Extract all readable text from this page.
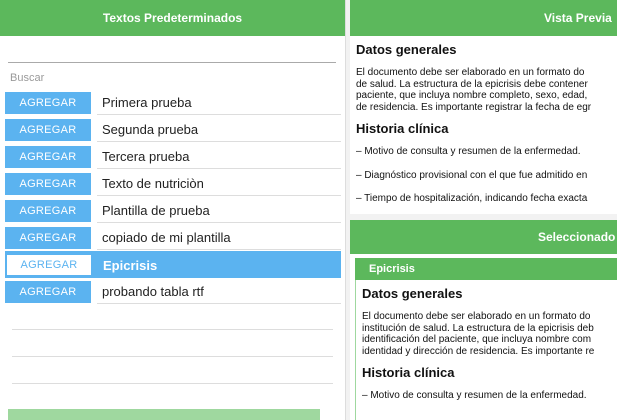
Textos Predeterminados
Buscar
AGREGAR	Primera prueba
AGREGAR	Segunda prueba
AGREGAR	Tercera prueba
AGREGAR	Texto de nutriciòn
AGREGAR	Plantilla de prueba
AGREGAR	copiado de mi plantilla
AGREGAR	Epicrisis
AGREGAR	probando tabla rtf
Vista Previa
Datos generales

El documento debe ser elaborado en un formato do

de salud. La estructura de la epicrisis debe contener

paciente, que incluya nombre completo, sexo, edad,

de residencia. Es importante registrar la fecha de egr

Historia clínica

– Motivo de consulta y resumen de la enfermedad.

– Diagnóstico provisional con el que fue admitido en

– Tiempo de hospitalización, indicando fecha exacta

Seleccionado
Epicrisis
Datos generales

El documento debe ser elaborado en un formato do

institución de salud. La estructura de la epicrisis deb

identificación del paciente, que incluya nombre com

identidad y dirección de residencia. Es importante re

Historia clínica

– Motivo de consulta y resumen de la enfermedad.
